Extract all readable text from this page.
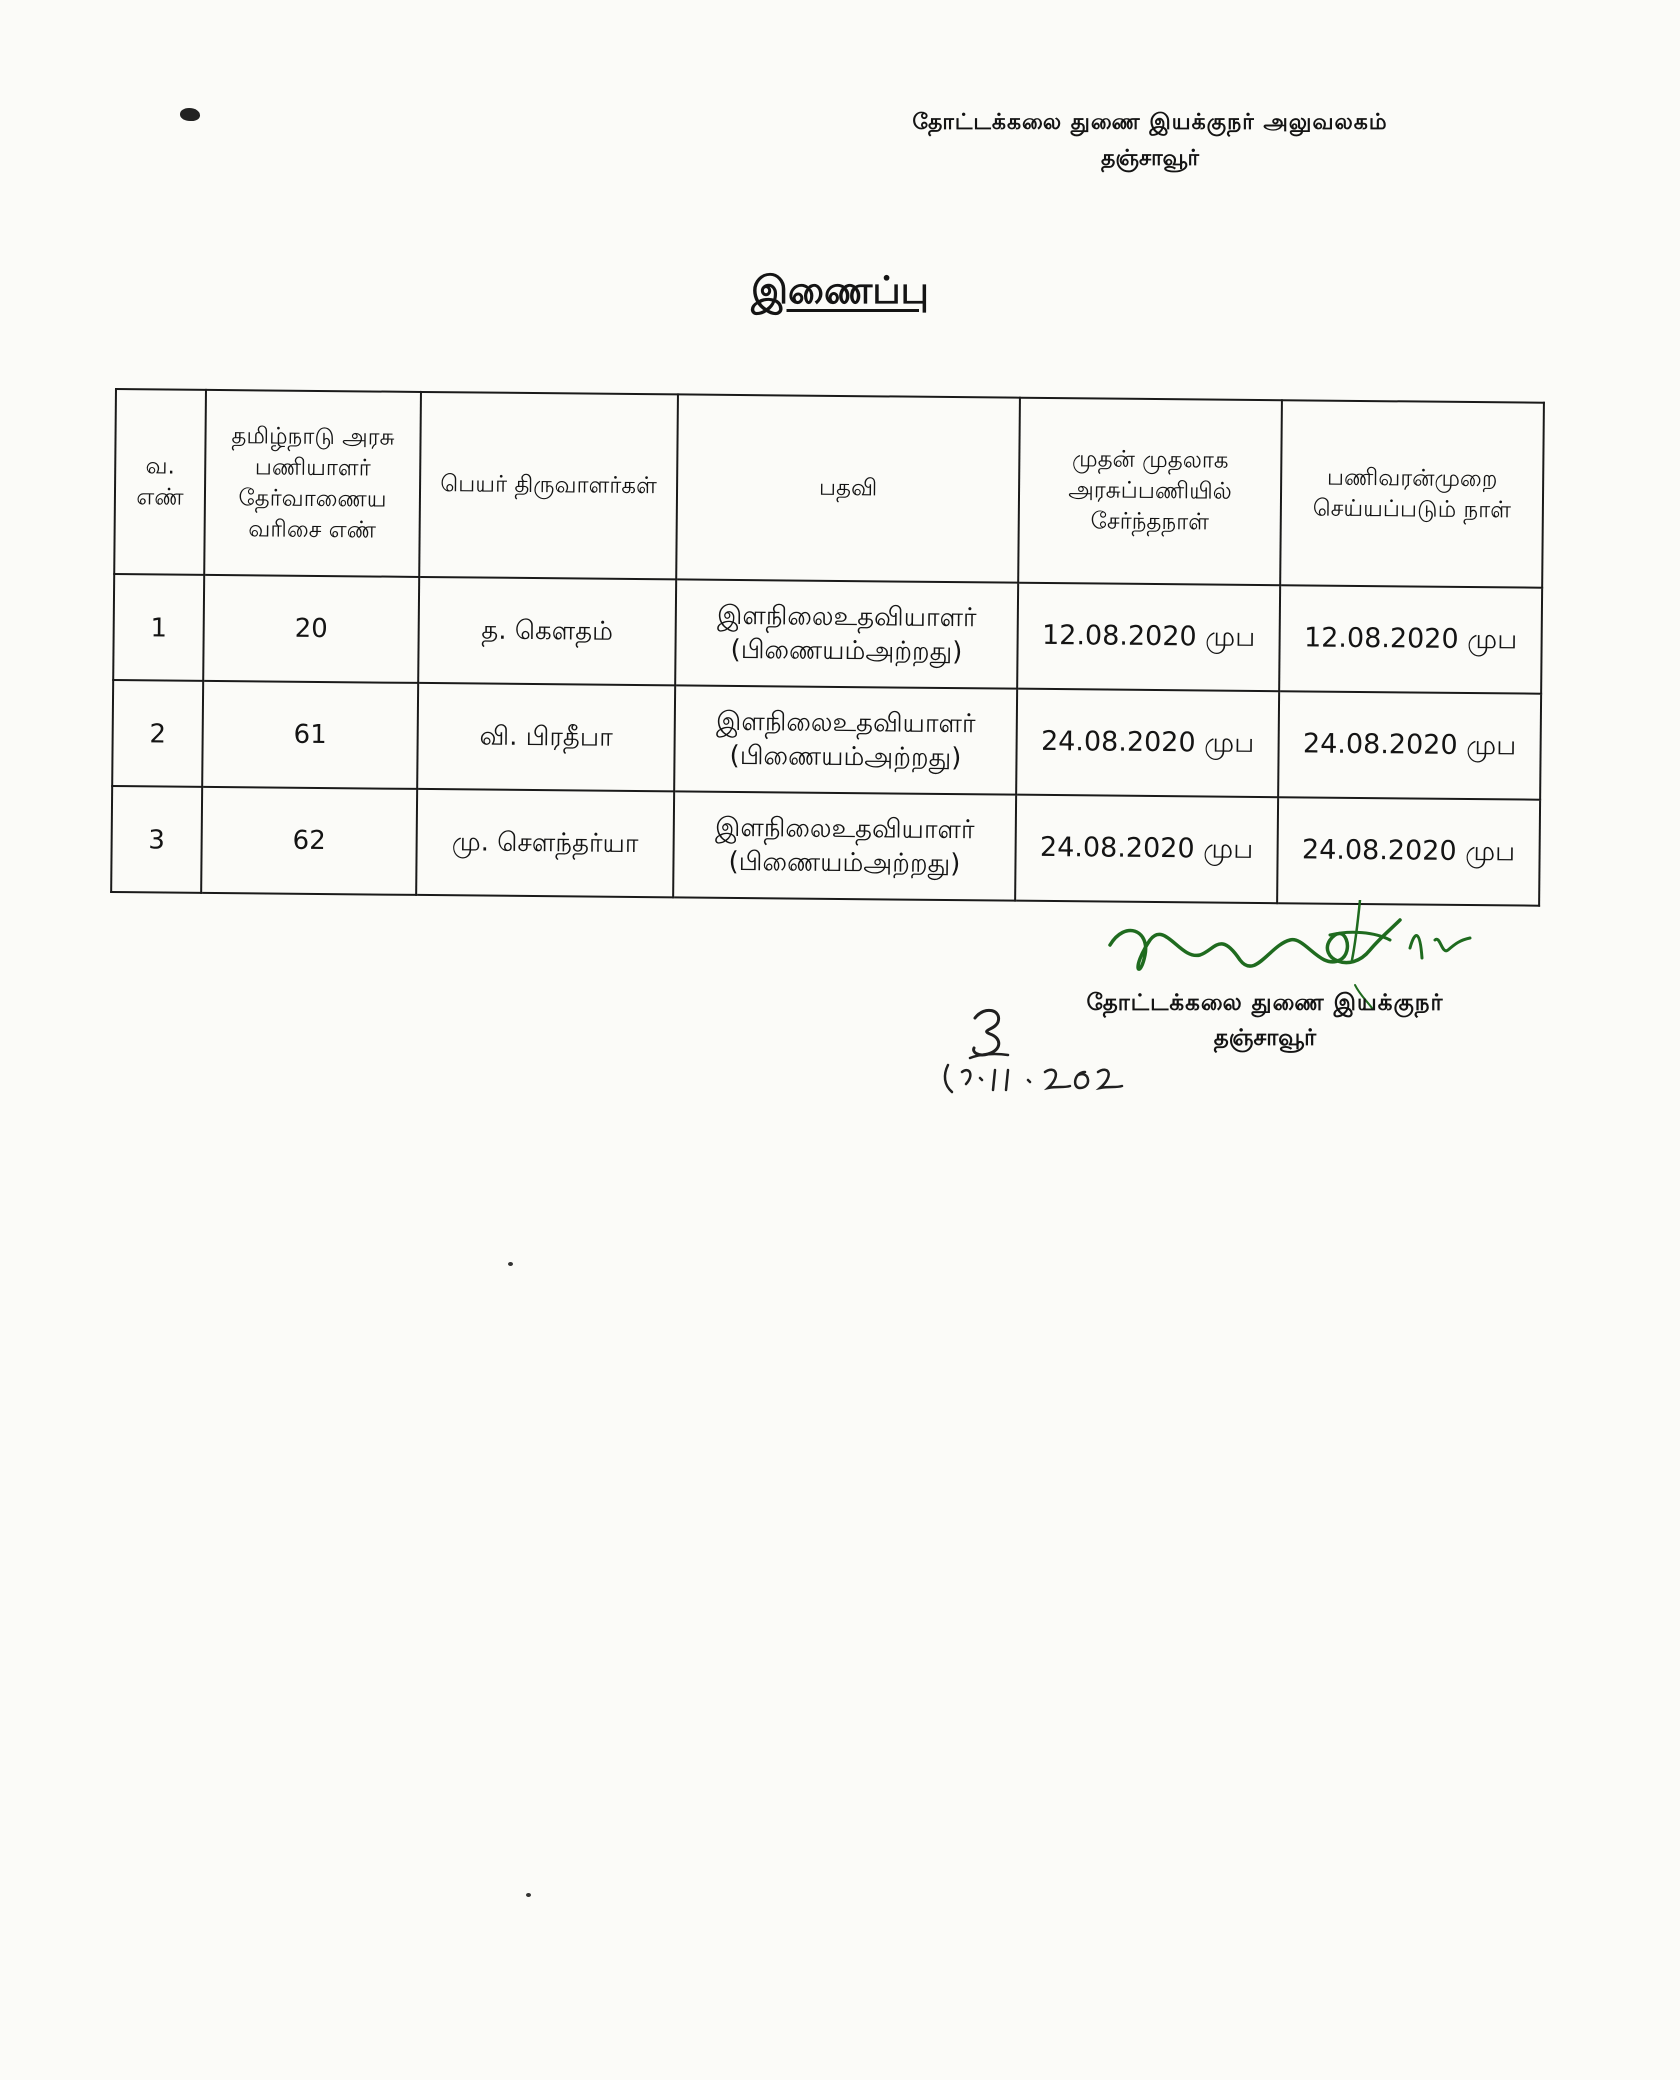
தோட்டக்கலை துணை இயக்குநர் அலுவலகம்
தஞ்சாவூர்
இணைப்பு
வ. எண்	தமிழ்நாடு அரசு பணியாளர் தேர்வாணைய வரிசை எண்	பெயர் திருவாளர்கள்	பதவி	முதன் முதலாக அரசுப்பணியில் சேர்ந்தநாள்	பணிவரன்முறை செய்யப்படும் நாள்
1	20	த. கௌதம்	இளநிலைஉதவியாளர் (பிணையம்அற்றது)	12.08.2020 முப	12.08.2020 முப
2	61	வி. பிரதீபா	இளநிலைஉதவியாளர் (பிணையம்அற்றது)	24.08.2020 முப	24.08.2020 முப
3	62	மு. சௌந்தர்யா	இளநிலைஉதவியாளர் (பிணையம்அற்றது)	24.08.2020 முப	24.08.2020 முப
தோட்டக்கலை துணை இயக்குநர்
தஞ்சாவூர்
